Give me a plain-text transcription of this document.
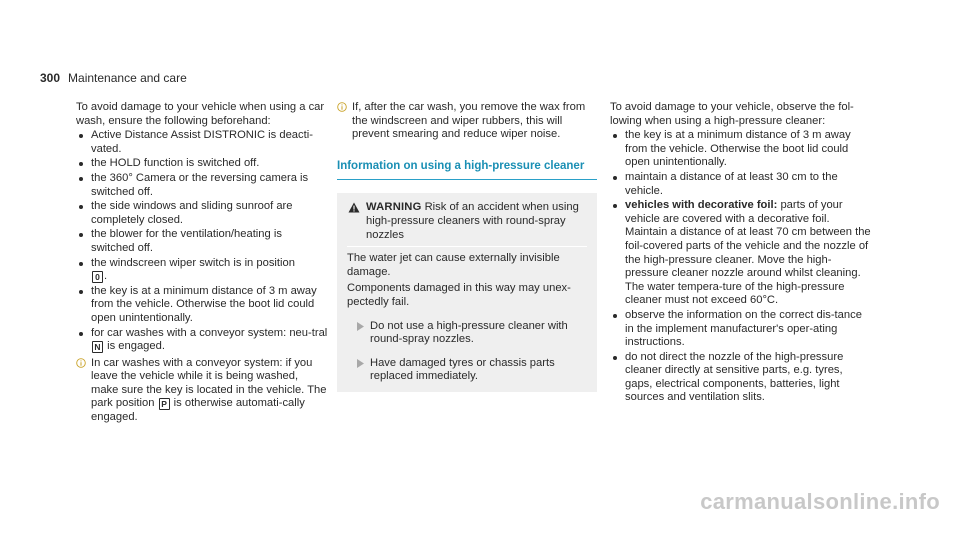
300 Maintenance and care

To avoid damage to your vehicle when using a car wash, ensure the following beforehand:

Active Distance Assist DISTRONIC is deacti-vated.
the HOLD function is switched off.
the 360° Camera or the reversing camera is switched off.
the side windows and sliding sunroof are completely closed.
the blower for the ventilation/heating is switched off.
the windscreen wiper switch is in position
0 .
the key is at a minimum distance of 3 m away from the vehicle. Otherwise the boot lid could open unintentionally.
for car washes with a conveyor system: neu-tral N is engaged.
In car washes with a conveyor system: if you leave the vehicle while it is being washed, make sure the key is located in the vehicle. The park position P is otherwise automati-cally engaged.
If, after the car wash, you remove the wax from the windscreen and wiper rubbers, this will prevent smearing and reduce wiper noise.
Information on using a high-pressure cleaner
WARNING Risk of an accident when using high-pressure cleaners with round-spray nozzles

The water jet can cause externally invisible damage.

Components damaged in this way may unex-pectedly fail.

Do not use a high-pressure cleaner with round-spray nozzles.
Have damaged tyres or chassis parts replaced immediately.

To avoid damage to your vehicle, observe the fol-lowing when using a high-pressure cleaner:

the key is at a minimum distance of 3 m away from the vehicle. Otherwise the boot lid could open unintentionally.
maintain a distance of at least 30 cm to the vehicle.
vehicles with decorative foil: parts of your vehicle are covered with a decorative foil. Maintain a distance of at least 70 cm between the foil-covered parts of the vehicle and the nozzle of the high-pressure cleaner. Move the high-pressure cleaner nozzle around whilst cleaning. The water tempera-ture of the high-pressure cleaner must not exceed 60°C.
observe the information on the correct dis-tance in the implement manufacturer's oper-ating instructions.
do not direct the nozzle of the high-pressure cleaner directly at sensitive parts, e.g. tyres, gaps, electrical components, batteries, light sources and ventilation slits.
carmanualsonline.info
